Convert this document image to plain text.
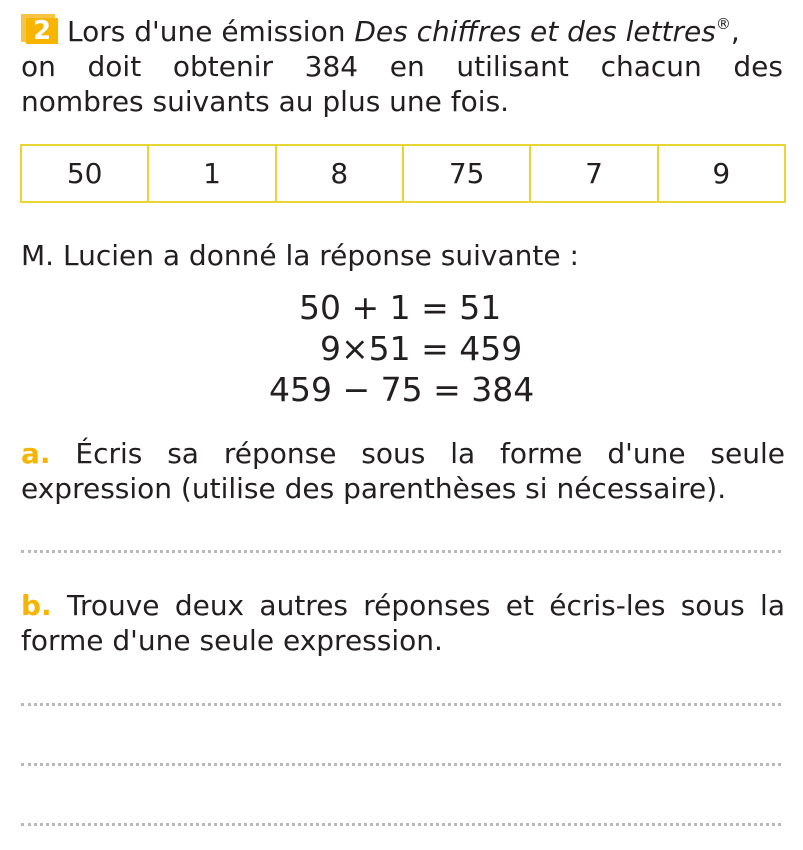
2 Lors d'une émission Des chiffres et des lettres®,
on doit obtenir 384 en utilisant chacun des
nombres suivants au plus une fois.
50	1	8	75	7	9
M. Lucien a donné la réponse suivante :
50 + 1 = 51
9×51 = 459
459 − 75 = 384
a. Écris sa réponse sous la forme d'une seule expression (utilise des parenthèses si nécessaire).
b. Trouve deux autres réponses et écris-les sous la forme d'une seule expression.
